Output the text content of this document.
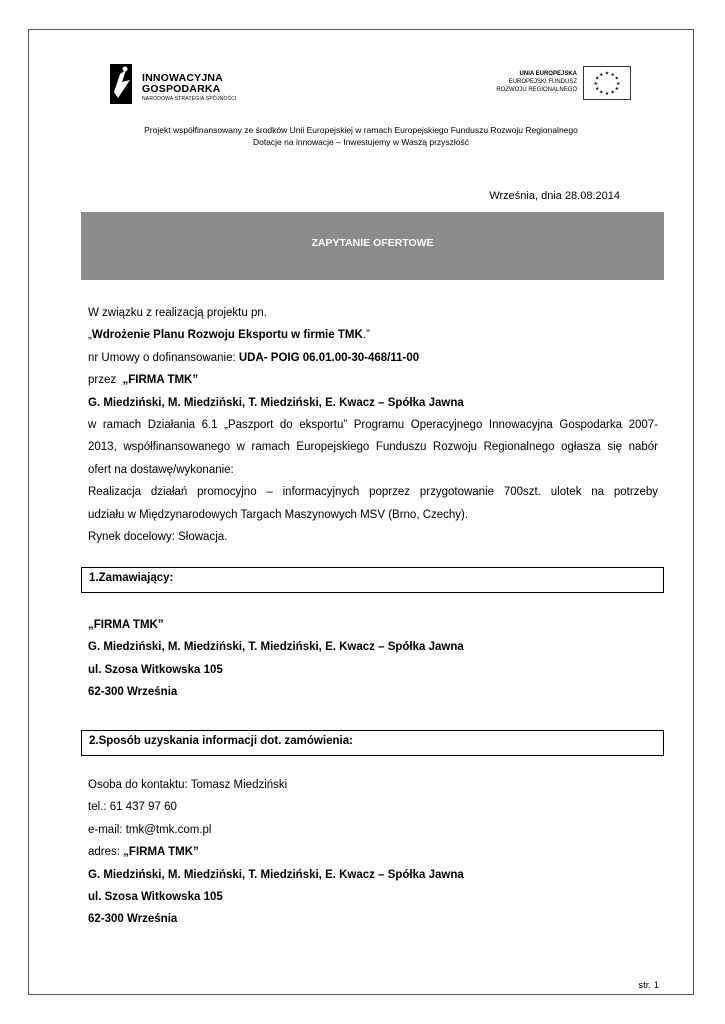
INNOWACYJNA
GOSPODARKA
NARODOWA STRATEGIA SPÓJNOŚCI
UNIA EUROPEJSKA
EUROPEJSKI FUNDUSZ
ROZWOJU REGIONALNEGO
★ ★
★
★
★
★
★
★
★
★
★
★
Projekt współfinansowany ze środków Unii Europejskiej w ramach Europejskiego Funduszu Rozwoju Regionalnego
Dotacje na innowacje – Inwestujemy w Waszą przyszłość
Września, dnia 28.08.2014
ZAPYTANIE OFERTOWE

W związku z realizacją projektu pn.

„Wdrożenie Planu Rozwoju Eksportu w firmie TMK.”

nr Umowy o dofinansowanie: UDA- POIG 06.01.00-30-468/11-00

przez  „FIRMA TMK”

G. Miedziński, M. Miedziński, T. Miedziński, E. Kwacz – Spółka Jawna

w ramach Działania 6.1 „Paszport do eksportu” Programu Operacyjnego Innowacyjna Gospodarka 2007-

2013, współfinansowanego w ramach Europejskiego Funduszu Rozwoju Regionalnego ogłasza się nabór

ofert na dostawę/wykonanie:

Realizacja działań promocyjno – informacyjnych poprzez przygotowanie 700szt. ulotek na potrzeby

udziału w Międzynarodowych Targach Maszynowych MSV (Brno, Czechy).

Rynek docelowy: Słowacja.

1.Zamawiający:

„FIRMA TMK”

G. Miedziński, M. Miedziński, T. Miedziński, E. Kwacz – Spółka Jawna

ul. Szosa Witkowska 105

62-300 Września

2.Sposób uzyskania informacji dot. zamówienia:

Osoba do kontaktu: Tomasz Miedziński

tel.: 61 437 97 60

e-mail: tmk@tmk.com.pl

adres: „FIRMA TMK”

G. Miedziński, M. Miedziński, T. Miedziński, E. Kwacz – Spółka Jawna

ul. Szosa Witkowska 105

62-300 Września

str. 1
